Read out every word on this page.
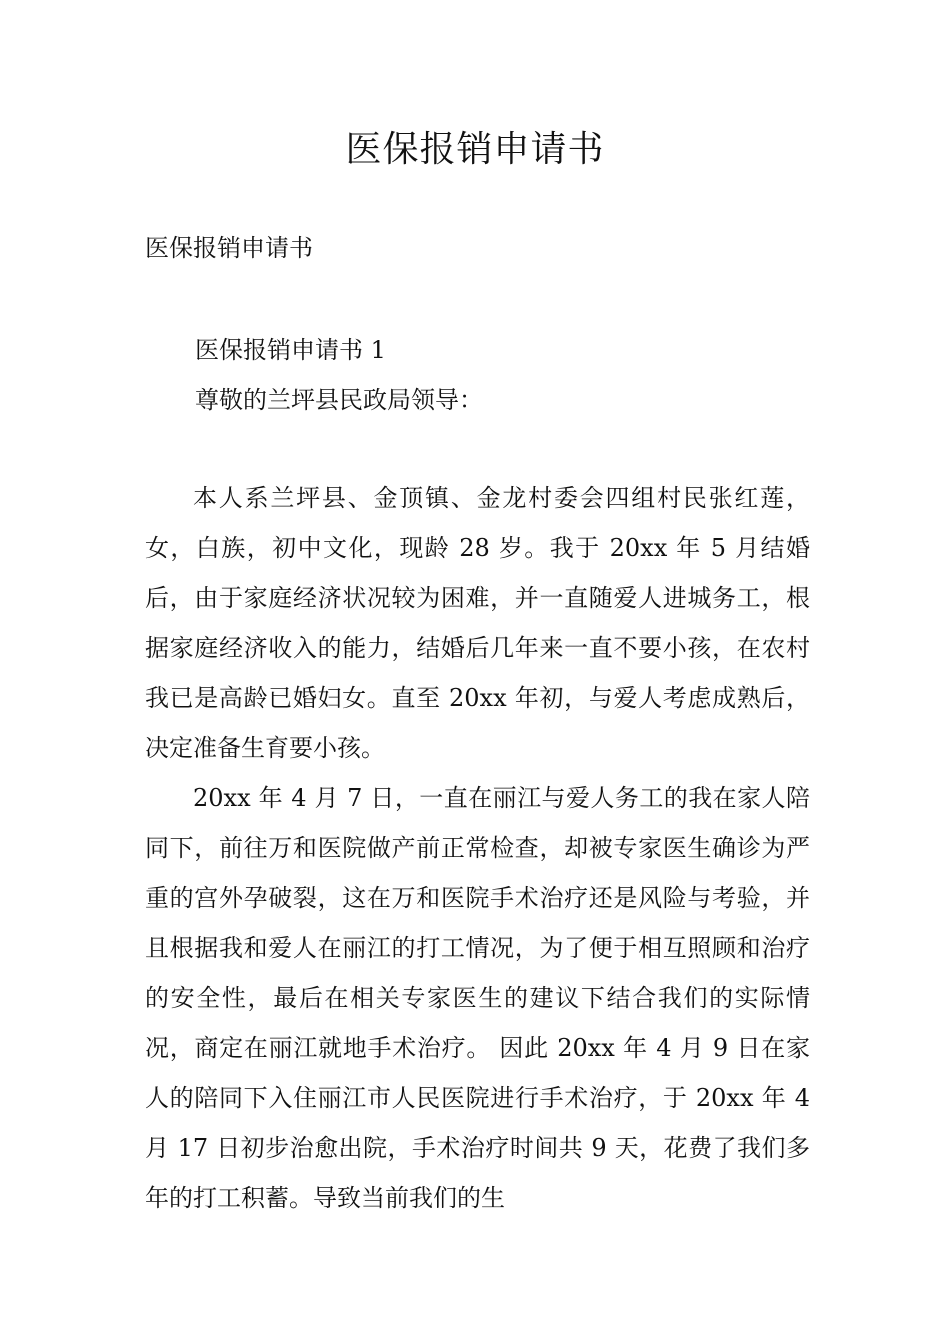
医保报销申请书

医保报销申请书

医保报销申请书 1

尊敬的兰坪县民政局领导：

本人系兰坪县、金顶镇、金龙村委会四组村民张红莲，女，白族，初中文化，现龄 28 岁。我于 20xx 年 5 月结婚后，由于家庭经济状况较为困难，并一直随爱人进城务工，根据家庭经济收入的能力，结婚后几年来一直不要小孩，在农村我已是高龄已婚妇女。直至 20xx 年初，与爱人考虑成熟后，决定准备生育要小孩。

20xx 年 4 月 7 日，一直在丽江与爱人务工的我在家人陪同下，前往万和医院做产前正常检查，却被专家医生确诊为严重的宫外孕破裂，这在万和医院手术治疗还是风险与考验，并且根据我和爱人在丽江的打工情况，为了便于相互照顾和治疗的安全性，最后在相关专家医生的建议下结合我们的实际情况，商定在丽江就地手术治疗。 因此 20xx 年 4 月 9 日在家人的陪同下入住丽江市人民医院进行手术治疗，于 20xx 年 4 月 17 日初步治愈出院，手术治疗时间共 9 天，花费了我们多年的打工积蓄。导致当前我们的生
